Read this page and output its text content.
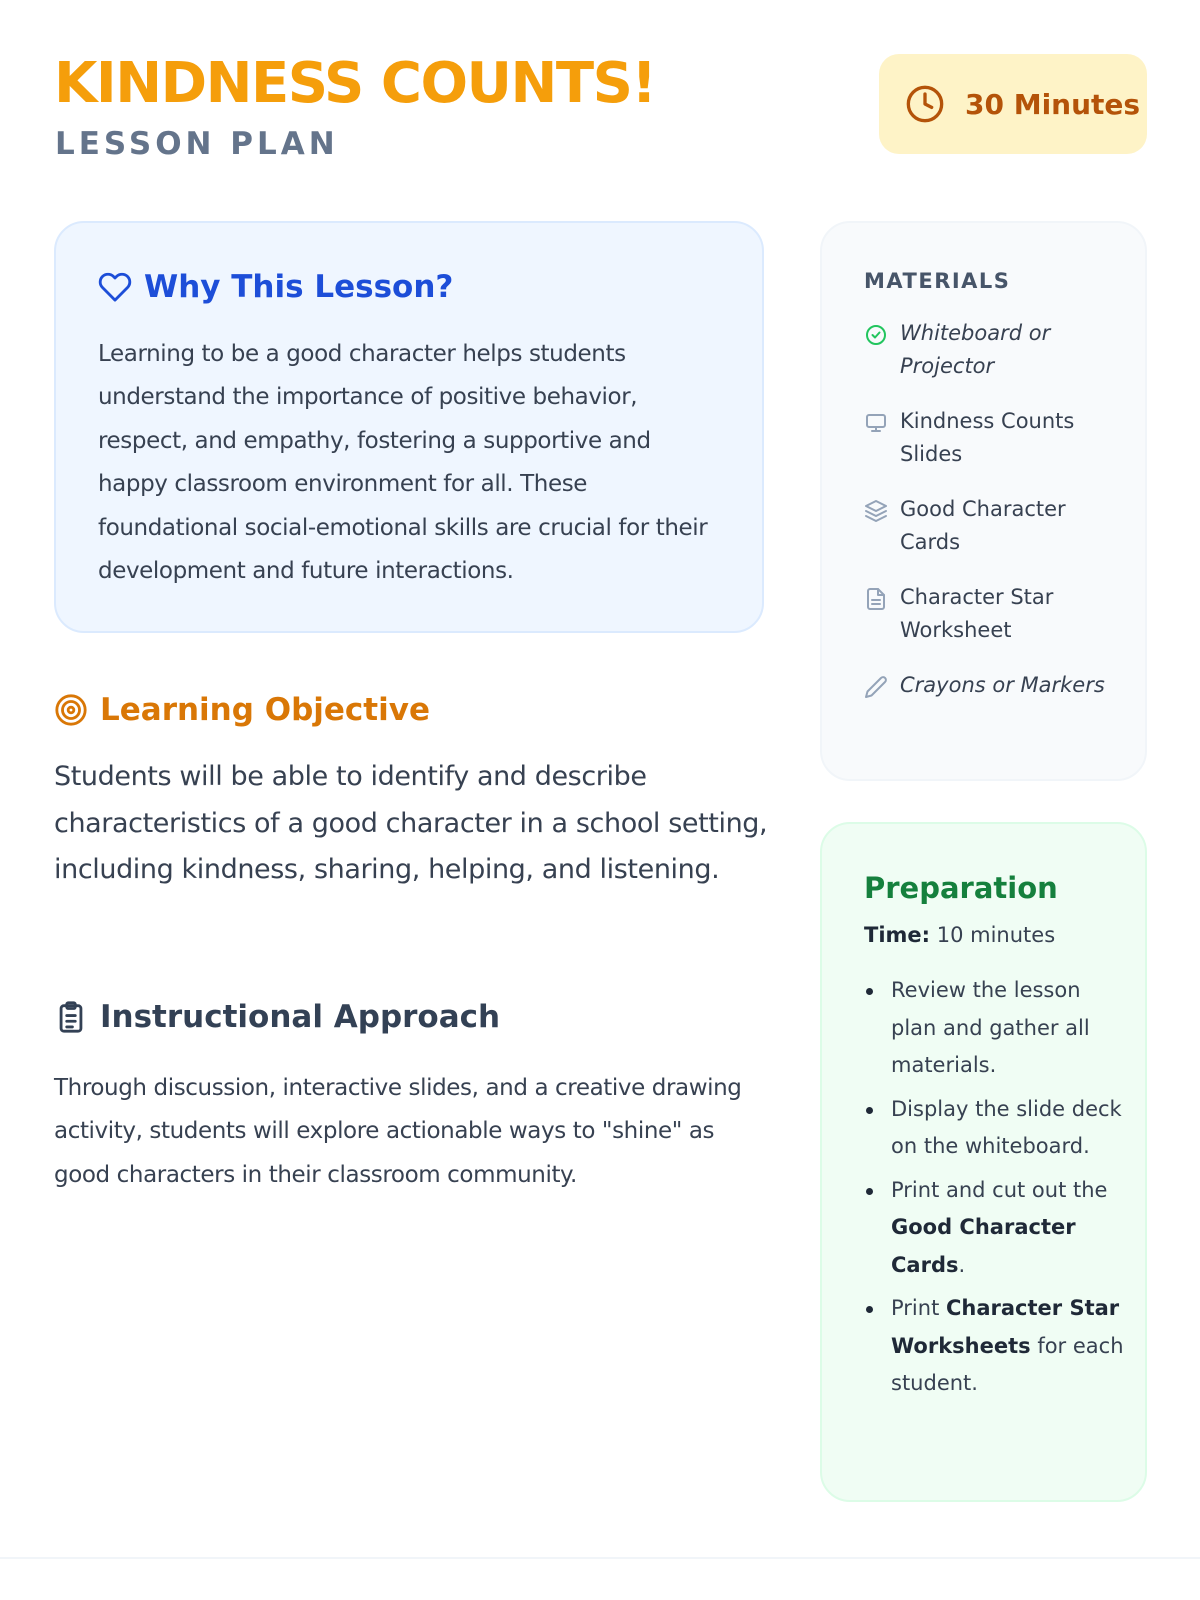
KINDNESS COUNTS!
LESSON PLAN
30 Minutes
Why This Lesson?

Learning to be a good character helps students understand the importance of positive behavior, respect, and empathy, fostering a supportive and happy classroom environment for all. These foundational social-emotional skills are crucial for their development and future interactions.

Learning Objective

Students will be able to identify and describe characteristics of a good character in a school setting, including kindness, sharing, helping, and listening.

Instructional Approach

Through discussion, interactive slides, and a creative drawing activity, students will explore actionable ways to "shine" as good characters in their classroom community.

MATERIALS
Whiteboard or Projector
Kindness Counts Slides
Good Character Cards
Character Star Worksheet
Crayons or Markers
Preparation

Time: 10 minutes

Review the lesson plan and gather all materials.
Display the slide deck on the whiteboard.
Print and cut out the Good Character Cards.
Print Character Star Worksheets for each student.
